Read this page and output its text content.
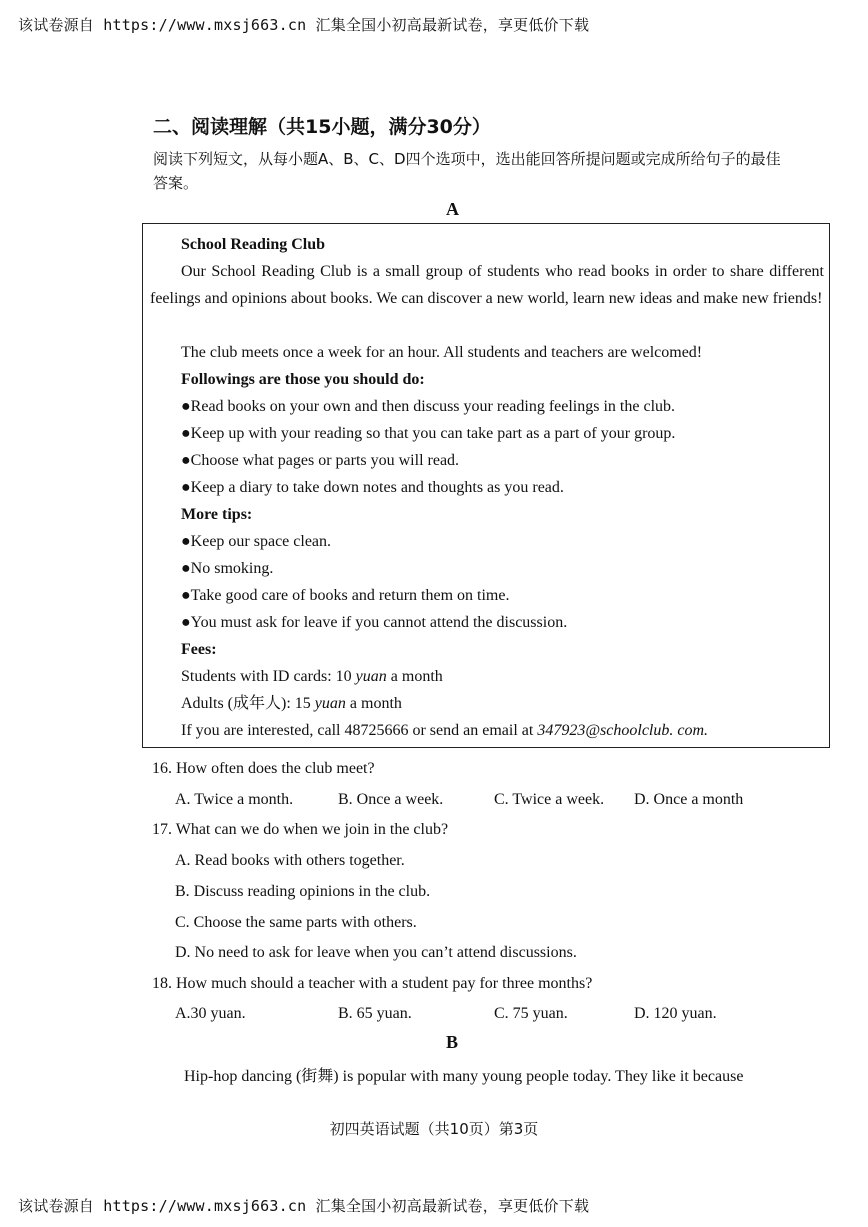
该试卷源自 https://www.mxsj663.cn 汇集全国小初高最新试卷，享更低价下载
二、阅读理解（共15小题，满分30分）
阅读下列短文，从每小题A、B、C、D四个选项中，选出能回答所提问题或完成所给句子的最佳答案。
A
School Reading Club
Our School Reading Club is a small group of students who read books in order to share different feelings and opinions about books. We can discover a new world, learn new ideas and make new friends!
The club meets once a week for an hour. All students and teachers are welcomed!
Followings are those you should do:
●Read books on your own and then discuss your reading feelings in the club.
●Keep up with your reading so that you can take part as a part of your group.
●Choose what pages or parts you will read.
●Keep a diary to take down notes and thoughts as you read.
More tips:
●Keep our space clean.
●No smoking.
●Take good care of books and return them on time.
●You must ask for leave if you cannot attend the discussion.
Fees:
Students with ID cards: 10 yuan a month
Adults (成年人): 15 yuan a month
If you are interested, call 48725666 or send an email at 347923@schoolclub. com.
16. How often does the club meet?
A. Twice a month.	B. Once a week.	C. Twice a week. D. Once a month
17. What can we do when we join in the club?
A. Read books with others together.
B. Discuss reading opinions in the club.
C. Choose the same parts with others.
D. No need to ask for leave when you can’t attend discussions.
18. How much should a teacher with a student pay for three months?
A.30 yuan.	B. 65 yuan.	C. 75 yuan.	D. 120 yuan.
B
Hip-hop dancing (街舞) is popular with many young people today. They like it because
初四英语试题（共10页）第3页
该试卷源自 https://www.mxsj663.cn 汇集全国小初高最新试卷，享更低价下载
